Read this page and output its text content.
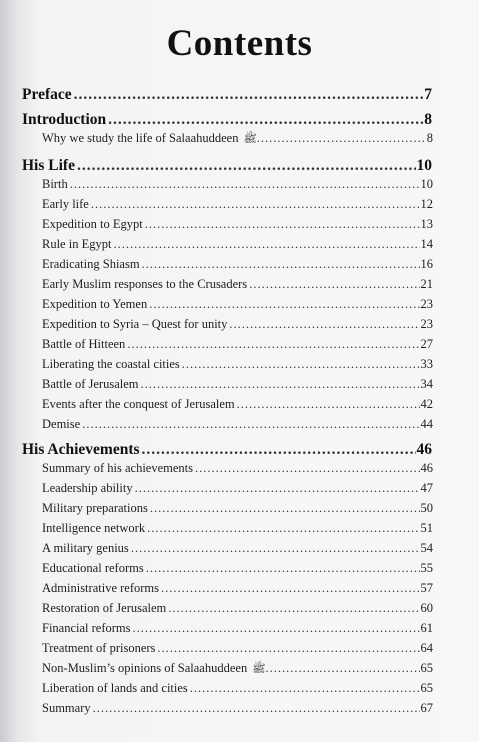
Contents
Preface .....	7
Introduction .....	8
Why we study the life of Salaahuddeen ﷺ .....	8
His Life .....	10
Birth .....	10
Early life .....	12
Expedition to Egypt .....	13
Rule in Egypt .....	14
Eradicating Shiasm .....	16
Early Muslim responses to the Crusaders .....	21
Expedition to Yemen .....	23
Expedition to Syria – Quest for unity .....	23
Battle of Hitteen .....	27
Liberating the coastal cities .....	33
Battle of Jerusalem .....	34
Events after the conquest of Jerusalem .....	42
Demise .....	44
His Achievements .....	46
Summary of his achievements .....	46
Leadership ability .....	47
Military preparations .....	50
Intelligence network .....	51
A military genius .....	54
Educational reforms .....	55
Administrative reforms .....	57
Restoration of Jerusalem .....	60
Financial reforms .....	61
Treatment of prisoners .....	64
Non-Muslim’s opinions of Salaahuddeen ﷺ .....	65
Liberation of lands and cities .....	65
Summary .....	67
